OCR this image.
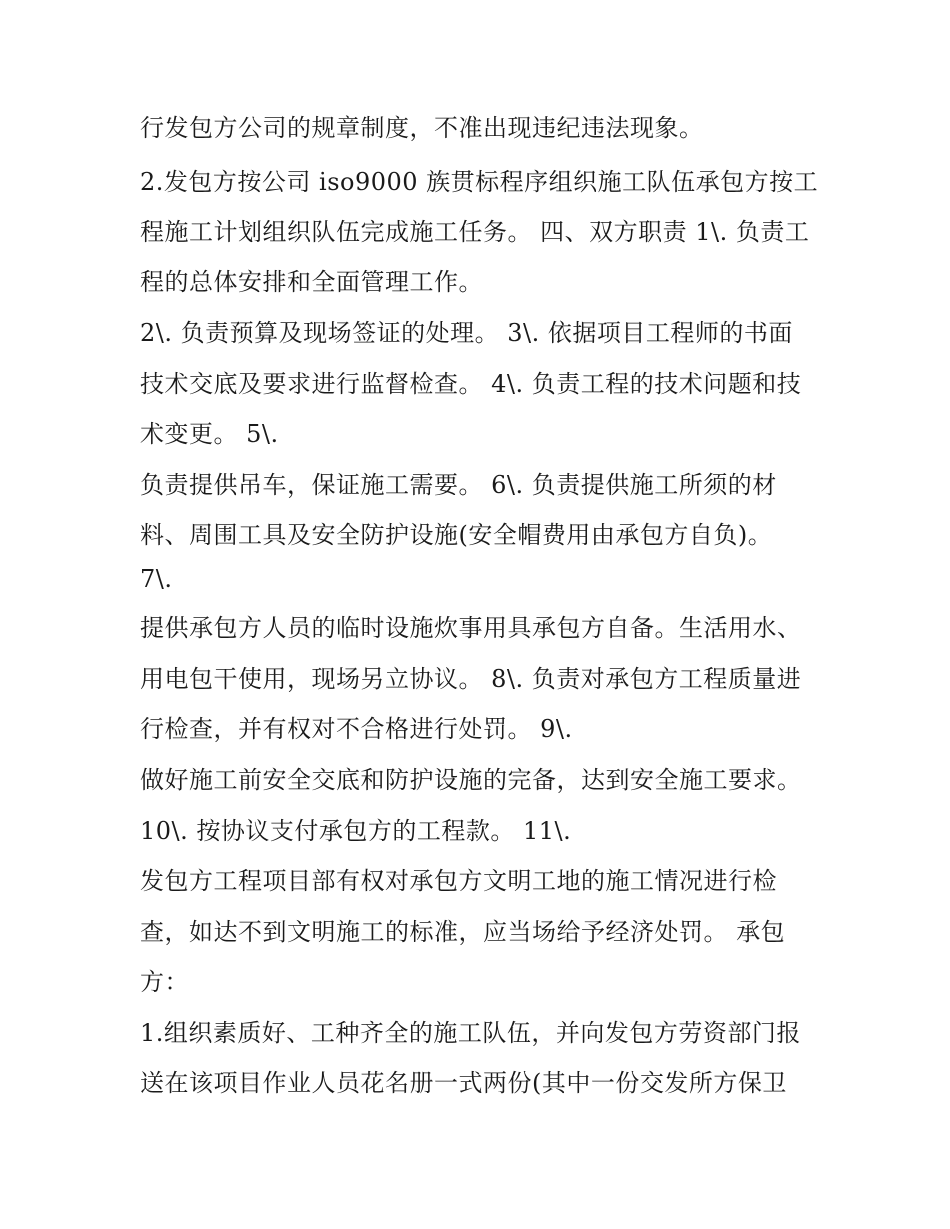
行发包方公司的规章制度，不准出现违纪违法现象。
2.发包方按公司 iso9000 族贯标程序组织施工队伍承包方按工
程施工计划组织队伍完成施工任务。 四、双方职责 1\. 负责工
程的总体安排和全面管理工作。
2\. 负责预算及现场签证的处理。 3\. 依据项目工程师的书面
技术交底及要求进行监督检查。 4\. 负责工程的技术问题和技
术变更。 5\.
负责提供吊车，保证施工需要。 6\. 负责提供施工所须的材
料、周围工具及安全防护设施(安全帽费用由承包方自负)。
7\.
提供承包方人员的临时设施炊事用具承包方自备。生活用水、
用电包干使用，现场另立协议。 8\. 负责对承包方工程质量进
行检查，并有权对不合格进行处罚。 9\.
做好施工前安全交底和防护设施的完备，达到安全施工要求。
10\. 按协议支付承包方的工程款。 11\.
发包方工程项目部有权对承包方文明工地的施工情况进行检
查，如达不到文明施工的标准，应当场给予经济处罚。 承包
方：
1.组织素质好、工种齐全的施工队伍，并向发包方劳资部门报
送在该项目作业人员花名册一式两份(其中一份交发所方保卫
